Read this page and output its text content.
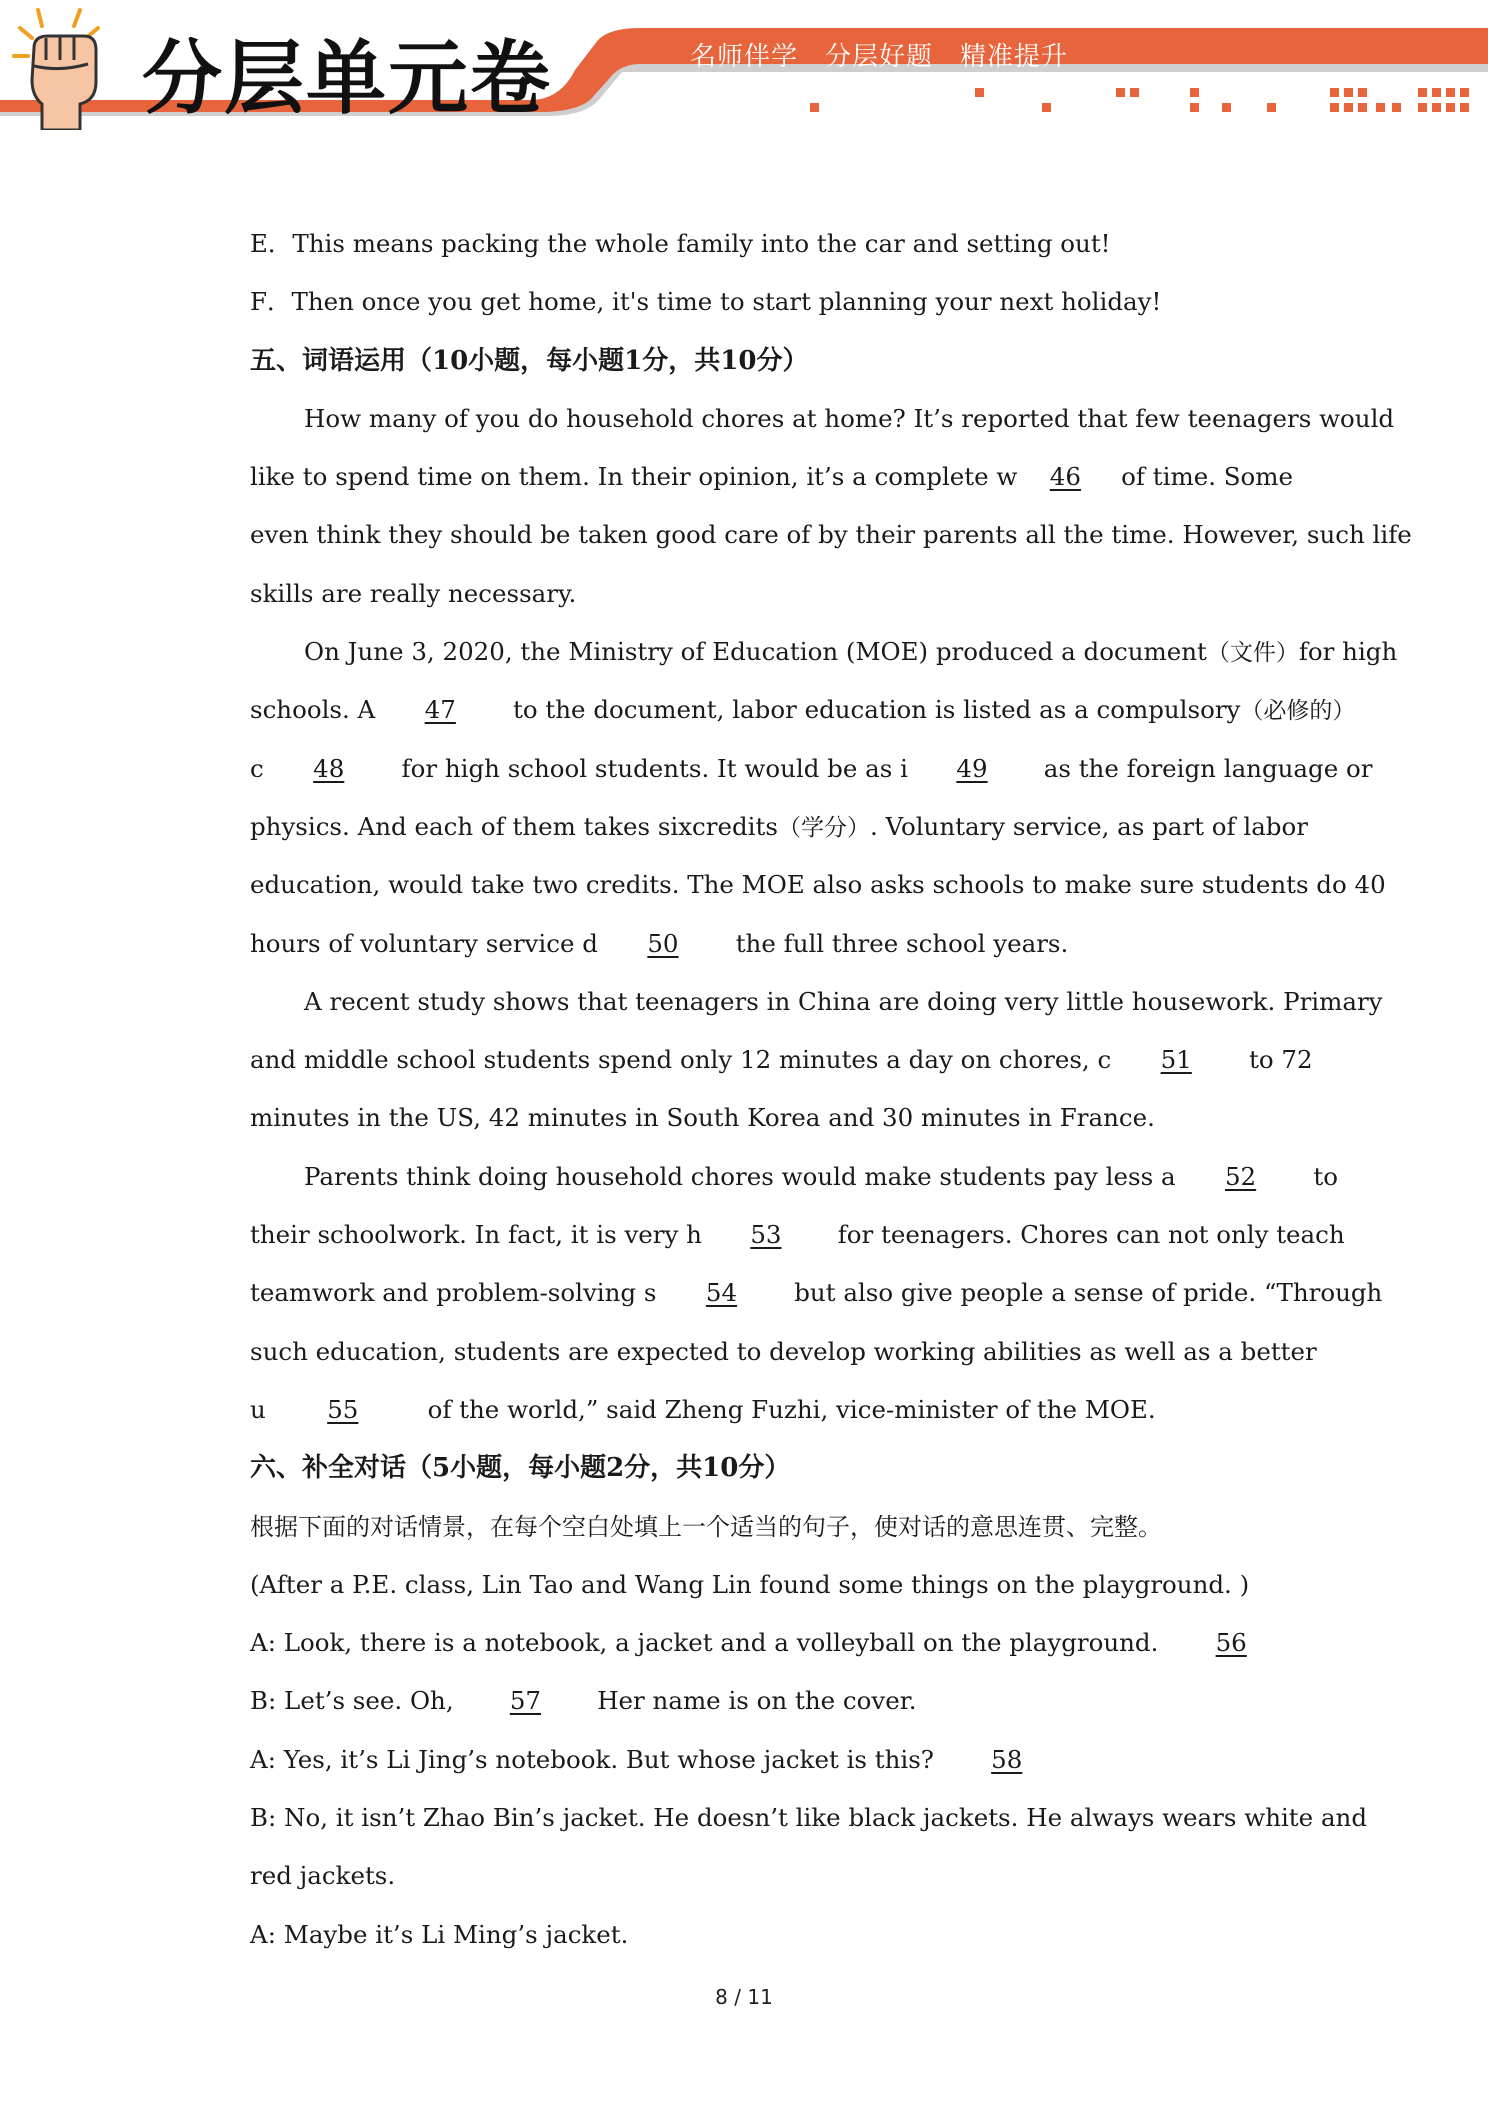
分层单元卷	名师伴学　分层好题　精准提升
E．This means packing the whole family into the car and setting out!
F．Then once you get home, it's time to start planning your next holiday!
五、词语运用（10小题，每小题1分，共10分）
How many of you do household chores at home? It’s reported that few teenagers would
like to spend time on them. In their opinion, it’s a complete w 46 of time. Some
even think they should be taken good care of by their parents all the time. However, such life
skills are really necessary.
On June 3, 2020, the Ministry of Education (MOE) produced a document（文件）for high
schools. A 47 to the document, labor education is listed as a compulsory（必修的）
c 48 for high school students. It would be as i 49 as the foreign language or
physics. And each of them takes sixcredits（学分）. Voluntary service, as part of labor
education, would take two credits. The MOE also asks schools to make sure students do 40
hours of voluntary service d 50 the full three school years.
A recent study shows that teenagers in China are doing very little housework. Primary
and middle school students spend only 12 minutes a day on chores, c 51 to 72
minutes in the US, 42 minutes in South Korea and 30 minutes in France.
Parents think doing household chores would make students pay less a 52 to
their schoolwork. In fact, it is very h 53 for teenagers. Chores can not only teach
teamwork and problem-solving s 54 but also give people a sense of pride. “Through
such education, students are expected to develop working abilities as well as a better
u	55	of the world,” said Zheng Fuzhi, vice-minister of the MOE.
六、补全对话（5小题，每小题2分，共10分）
根据下面的对话情景，在每个空白处填上一个适当的句子，使对话的意思连贯、完整。
(After a P.E. class, Lin Tao and Wang Lin found some things on the playground. )
A: Look, there is a notebook, a jacket and a volleyball on the playground. 56
B: Let’s see. Oh, 57 Her name is on the cover.
A: Yes, it’s Li Jing’s notebook. But whose jacket is this? 58
B: No, it isn’t Zhao Bin’s jacket. He doesn’t like black jackets. He always wears white and
red jackets.
A: Maybe it’s Li Ming’s jacket.
8 / 11
